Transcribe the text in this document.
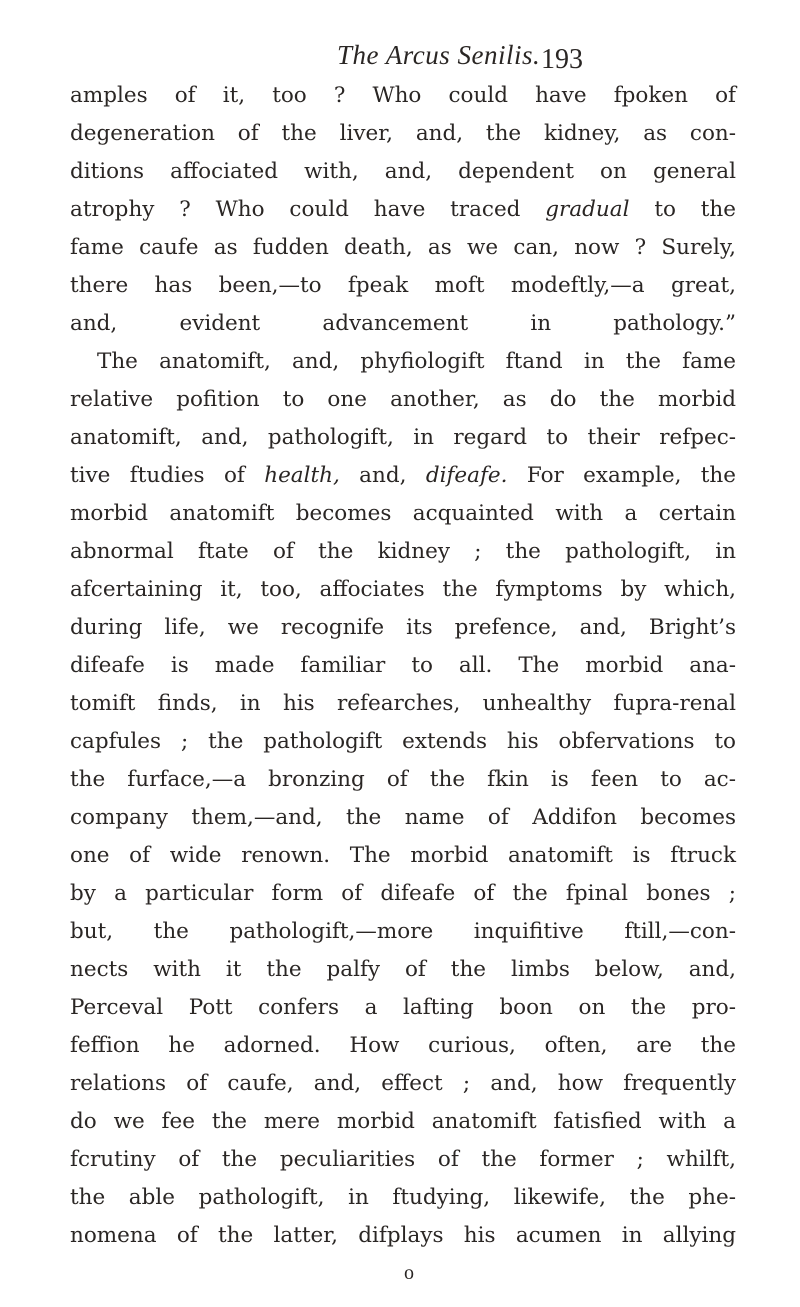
The Arcus Senilis. 193
amples of it, too ? Who could have fpoken of
degeneration of the liver, and, the kidney, as con-
ditions affociated with, and, dependent on general
atrophy ? Who could have traced gradual to the
fame caufe as fudden death, as we can, now ? Surely,
there has been,—to fpeak moft modeftly,—a great,
and, evident advancement in pathology.”
The anatomift, and, phyfiologift ftand in the fame
relative pofition to one another, as do the morbid
anatomift, and, pathologift, in regard to their refpec-
tive ftudies of health, and, difeafe. For example, the
morbid anatomift becomes acquainted with a certain
abnormal ftate of the kidney ; the pathologift, in
afcertaining it, too, affociates the fymptoms by which,
during life, we recognife its prefence, and, Bright’s
difeafe is made familiar to all. The morbid ana-
tomift finds, in his refearches, unhealthy fupra-renal
capfules ; the pathologift extends his obfervations to
the furface,—a bronzing of the fkin is feen to ac-
company them,—and, the name of Addifon becomes
one of wide renown. The morbid anatomift is ftruck
by a particular form of difeafe of the fpinal bones ;
but, the pathologift,—more inquifitive ftill,—con-
nects with it the palfy of the limbs below, and,
Perceval Pott confers a lafting boon on the pro-
feffion he adorned. How curious, often, are the
relations of caufe, and, effect ; and, how frequently
do we fee the mere morbid anatomift fatisfied with a
fcrutiny of the peculiarities of the former ; whilft,
the able pathologift, in ftudying, likewife, the phe-
nomena of the latter, difplays his acumen in allying
o
